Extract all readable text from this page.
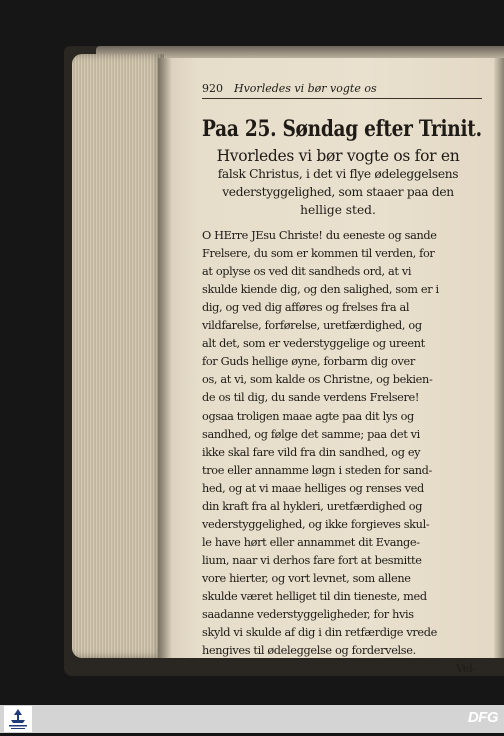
920 Hvorledes vi bør vogte os
Paa 25. Søndag efter Trinit.
Hvorledes vi bør vogte os for en
falsk Christus, i det vi flye ødeleggelsens
vederstyggelighed, som staaer paa den
hellige sted.
O HErre JEsu Christe! du eeneste og sande
Frelsere, du som er kommen til verden, for
at oplyse os ved dit sandheds ord, at vi
skulde kiende dig, og den salighed, som er i
dig, og ved dig afføres og frelses fra al
vildfarelse, forførelse, uretfærdighed, og
alt det, som er vederstyggelige og ureent
for Guds hellige øyne, forbarm dig over
os, at vi, som kalde os Christne, og bekien-
de os til dig, du sande verdens Frelsere!
ogsaa troligen maae agte paa dit lys og
sandhed, og følge det samme; paa det vi
ikke skal fare vild fra din sandhed, og ey
troe eller annamme løgn i steden for sand-
hed, og at vi maae helliges og renses ved
din kraft fra al hykleri, uretfærdighed og
vederstyggelighed, og ikke forgieves skul-
le have hørt eller annammet dit Evange-
lium, naar vi derhos fare fort at besmitte
vore hierter, og vort levnet, som allene
skulde været helliget til din tieneste, med
saadanne vederstyggeligheder, for hvis
skyld vi skulde af dig i din retfærdige vrede
hengives til ødeleggelse og fordervelse.
Vel-
DFG
